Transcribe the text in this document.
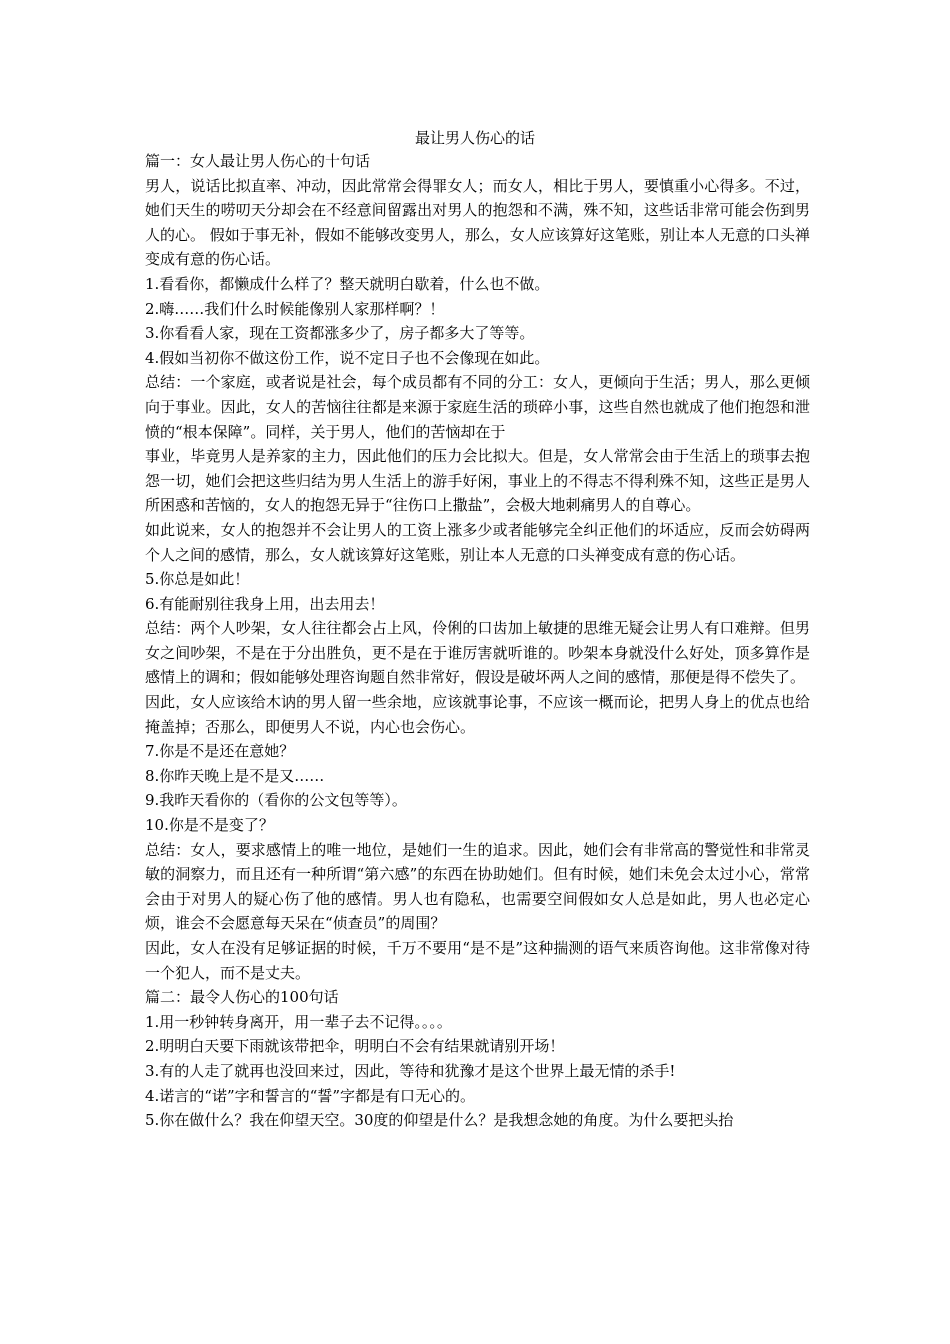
最让男人伤心的话

篇一：女人最让男人伤心的十句话

男人，说话比拟直率、冲动，因此常常会得罪女人；而女人，相比于男人，要慎重小心得多。不过，她们天生的唠叨天分却会在不经意间留露出对男人的抱怨和不满，殊不知，这些话非常可能会伤到男人的心。 假如于事无补，假如不能够改变男人，那么，女人应该算好这笔账，别让本人无意的口头禅变成有意的伤心话。

1.看看你，都懒成什么样了？整天就明白歇着，什么也不做。

2.嗨……我们什么时候能像别人家那样啊？！

3.你看看人家，现在工资都涨多少了，房子都多大了等等。

4.假如当初你不做这份工作，说不定日子也不会像现在如此。

总结：一个家庭，或者说是社会，每个成员都有不同的分工：女人，更倾向于生活；男人，那么更倾向于事业。因此，女人的苦恼往往都是来源于家庭生活的琐碎小事，这些自然也就成了他们抱怨和泄愤的“根本保障”。同样，关于男人，他们的苦恼却在于

事业，毕竟男人是养家的主力，因此他们的压力会比拟大。但是，女人常常会由于生活上的琐事去抱怨一切，她们会把这些归结为男人生活上的游手好闲，事业上的不得志不得利殊不知，这些正是男人所困惑和苦恼的，女人的抱怨无异于“往伤口上撒盐”，会极大地刺痛男人的自尊心。

如此说来，女人的抱怨并不会让男人的工资上涨多少或者能够完全纠正他们的坏适应，反而会妨碍两个人之间的感情，那么，女人就该算好这笔账，别让本人无意的口头禅变成有意的伤心话。

5.你总是如此！

6.有能耐别往我身上用，出去用去！

总结：两个人吵架，女人往往都会占上风，伶俐的口齿加上敏捷的思维无疑会让男人有口难辩。但男女之间吵架，不是在于分出胜负，更不是在于谁厉害就听谁的。吵架本身就没什么好处，顶多算作是感情上的调和；假如能够处理咨询题自然非常好，假设是破坏两人之间的感情，那便是得不偿失了。

因此，女人应该给木讷的男人留一些余地，应该就事论事，不应该一概而论，把男人身上的优点也给掩盖掉；否那么，即便男人不说，内心也会伤心。

7.你是不是还在意她？

8.你昨天晚上是不是又……

9.我昨天看你的（看你的公文包等等）。

10.你是不是变了？

总结：女人，要求感情上的唯一地位，是她们一生的追求。因此，她们会有非常高的警觉性和非常灵敏的洞察力，而且还有一种所谓“第六感”的东西在协助她们。但有时候，她们未免会太过小心，常常会由于对男人的疑心伤了他的感情。男人也有隐私，也需要空间假如女人总是如此，男人也必定心烦，谁会不会愿意每天呆在“侦查员”的周围？

因此，女人在没有足够证据的时候，千万不要用“是不是”这种揣测的语气来质咨询他。这非常像对待一个犯人，而不是丈夫。

篇二：最令人伤心的100句话

1.用一秒钟转身离开，用一辈子去不记得。。。。

2.明明白天要下雨就该带把伞，明明白不会有结果就请别开场！

3.有的人走了就再也没回来过，因此，等待和犹豫才是这个世界上最无情的杀手!

4.诺言的“诺”字和誓言的“誓”字都是有口无心的。

5.你在做什么？我在仰望天空。30度的仰望是什么？是我想念她的角度。为什么要把头抬
